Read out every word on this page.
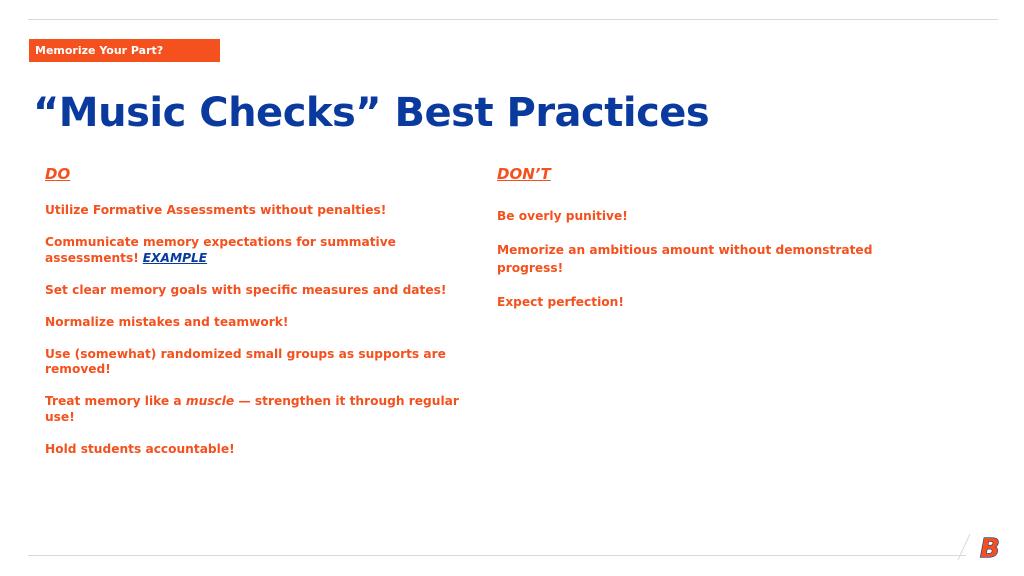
Memorize Your Part?
“Music Checks” Best Practices
DO
Utilize Formative Assessments without penalties!
Communicate memory expectations for summative assessments! EXAMPLE
Set clear memory goals with specific measures and dates!
Normalize mistakes and teamwork!
Use (somewhat) randomized small groups as supports are removed!
Treat memory like a muscle — strengthen it through regular use!
Hold students accountable!
DON’T
Be overly punitive!
Memorize an ambitious amount without demonstrated progress!
Expect perfection!
B
